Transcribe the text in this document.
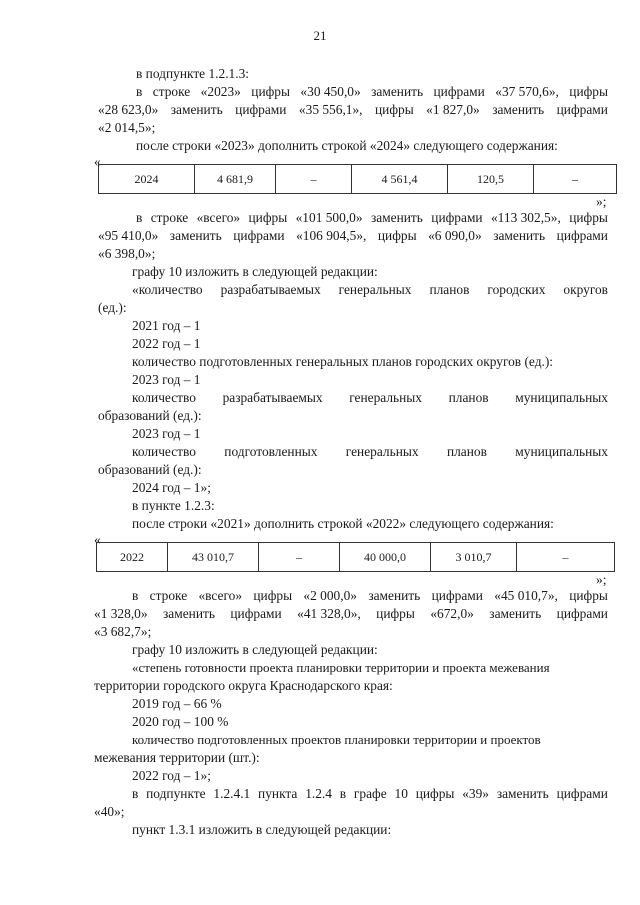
21
в подпункте 1.2.1.3:
в строке «2023» цифры «30 450,0» заменить цифрами «37 570,6», цифры
«28 623,0» заменить цифрами «35 556,1», цифры «1 827,0» заменить цифрами
«2 014,5»;
после строки «2023» дополнить строкой «2024» следующего содержания:
«
2024	4 681,9	–	4 561,4	120,5	–
»;
в строке «всего» цифры «101 500,0» заменить цифрами «113 302,5», цифры
«95 410,0» заменить цифрами «106 904,5», цифры «6 090,0» заменить цифрами
«6 398,0»;
графу 10 изложить в следующей редакции:
«количество разрабатываемых генеральных планов городских округов
(ед.):
2021 год – 1
2022 год – 1
количество подготовленных генеральных планов городских округов (ед.):
2023 год – 1
количество разрабатываемых генеральных планов муниципальных
образований (ед.):
2023 год – 1
количество подготовленных генеральных планов муниципальных
образований (ед.):
2024 год – 1»;
в пункте 1.2.3:
после строки «2021» дополнить строкой «2022» следующего содержания:
«
2022	43 010,7	–	40 000,0	3 010,7	–
»;
в строке «всего» цифры «2 000,0» заменить цифрами «45 010,7», цифры
«1 328,0» заменить цифрами «41 328,0», цифры «672,0» заменить цифрами
«3 682,7»;
графу 10 изложить в следующей редакции:
«степень готовности проекта планировки территории и проекта межевания
территории городского округа Краснодарского края:
2019 год – 66 %
2020 год – 100 %
количество подготовленных проектов планировки территории и проектов
межевания территории (шт.):
2022 год – 1»;
в подпункте 1.2.4.1 пункта 1.2.4 в графе 10 цифры «39» заменить цифрами
«40»;
пункт 1.3.1 изложить в следующей редакции:
